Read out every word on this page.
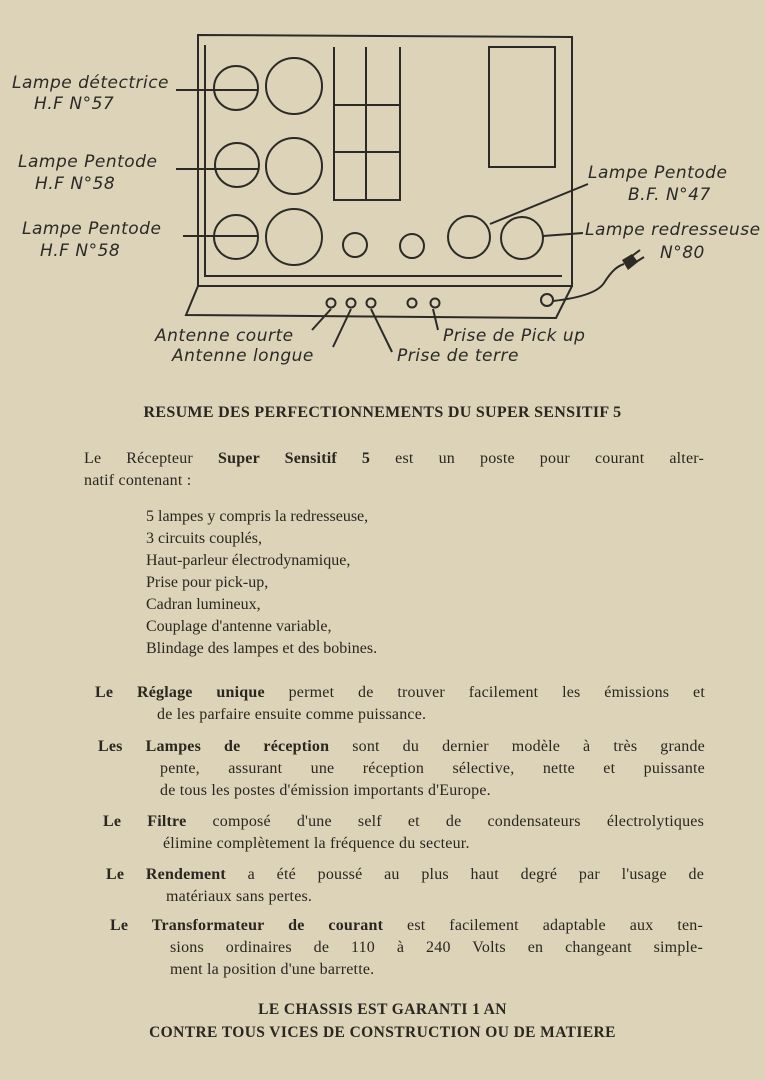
Lampe détectrice
H.F N°57
Lampe Pentode
H.F N°58
Lampe Pentode
H.F N°58
Lampe Pentode
B.F. N°47
Lampe redresseuse
N°80
Antenne courte
Antenne longue
Prise de Pick up
Prise de terre
RESUME DES PERFECTIONNEMENTS DU SUPER SENSITIF 5
Le Récepteur Super Sensitif 5 est un poste pour courant alter-
natif contenant :
5 lampes y compris la redresseuse,
3 circuits couplés,
Haut-parleur électrodynamique,
Prise pour pick-up,
Cadran lumineux,
Couplage d'antenne variable,
Blindage des lampes et des bobines.
Le Réglage unique permet de trouver facilement les émissions et
de les parfaire ensuite comme puissance.
Les Lampes de réception sont du dernier modèle à très grande
pente, assurant une réception sélective, nette et puissante
de tous les postes d'émission importants d'Europe.
Le Filtre composé d'une self et de condensateurs électrolytiques
élimine complètement la fréquence du secteur.
Le Rendement a été poussé au plus haut degré par l'usage de
matériaux sans pertes.
Le Transformateur de courant est facilement adaptable aux ten-
sions ordinaires de 110 à 240 Volts en changeant simple-
ment la position d'une barrette.
LE CHASSIS EST GARANTI 1 AN
CONTRE TOUS VICES DE CONSTRUCTION OU DE MATIERE
